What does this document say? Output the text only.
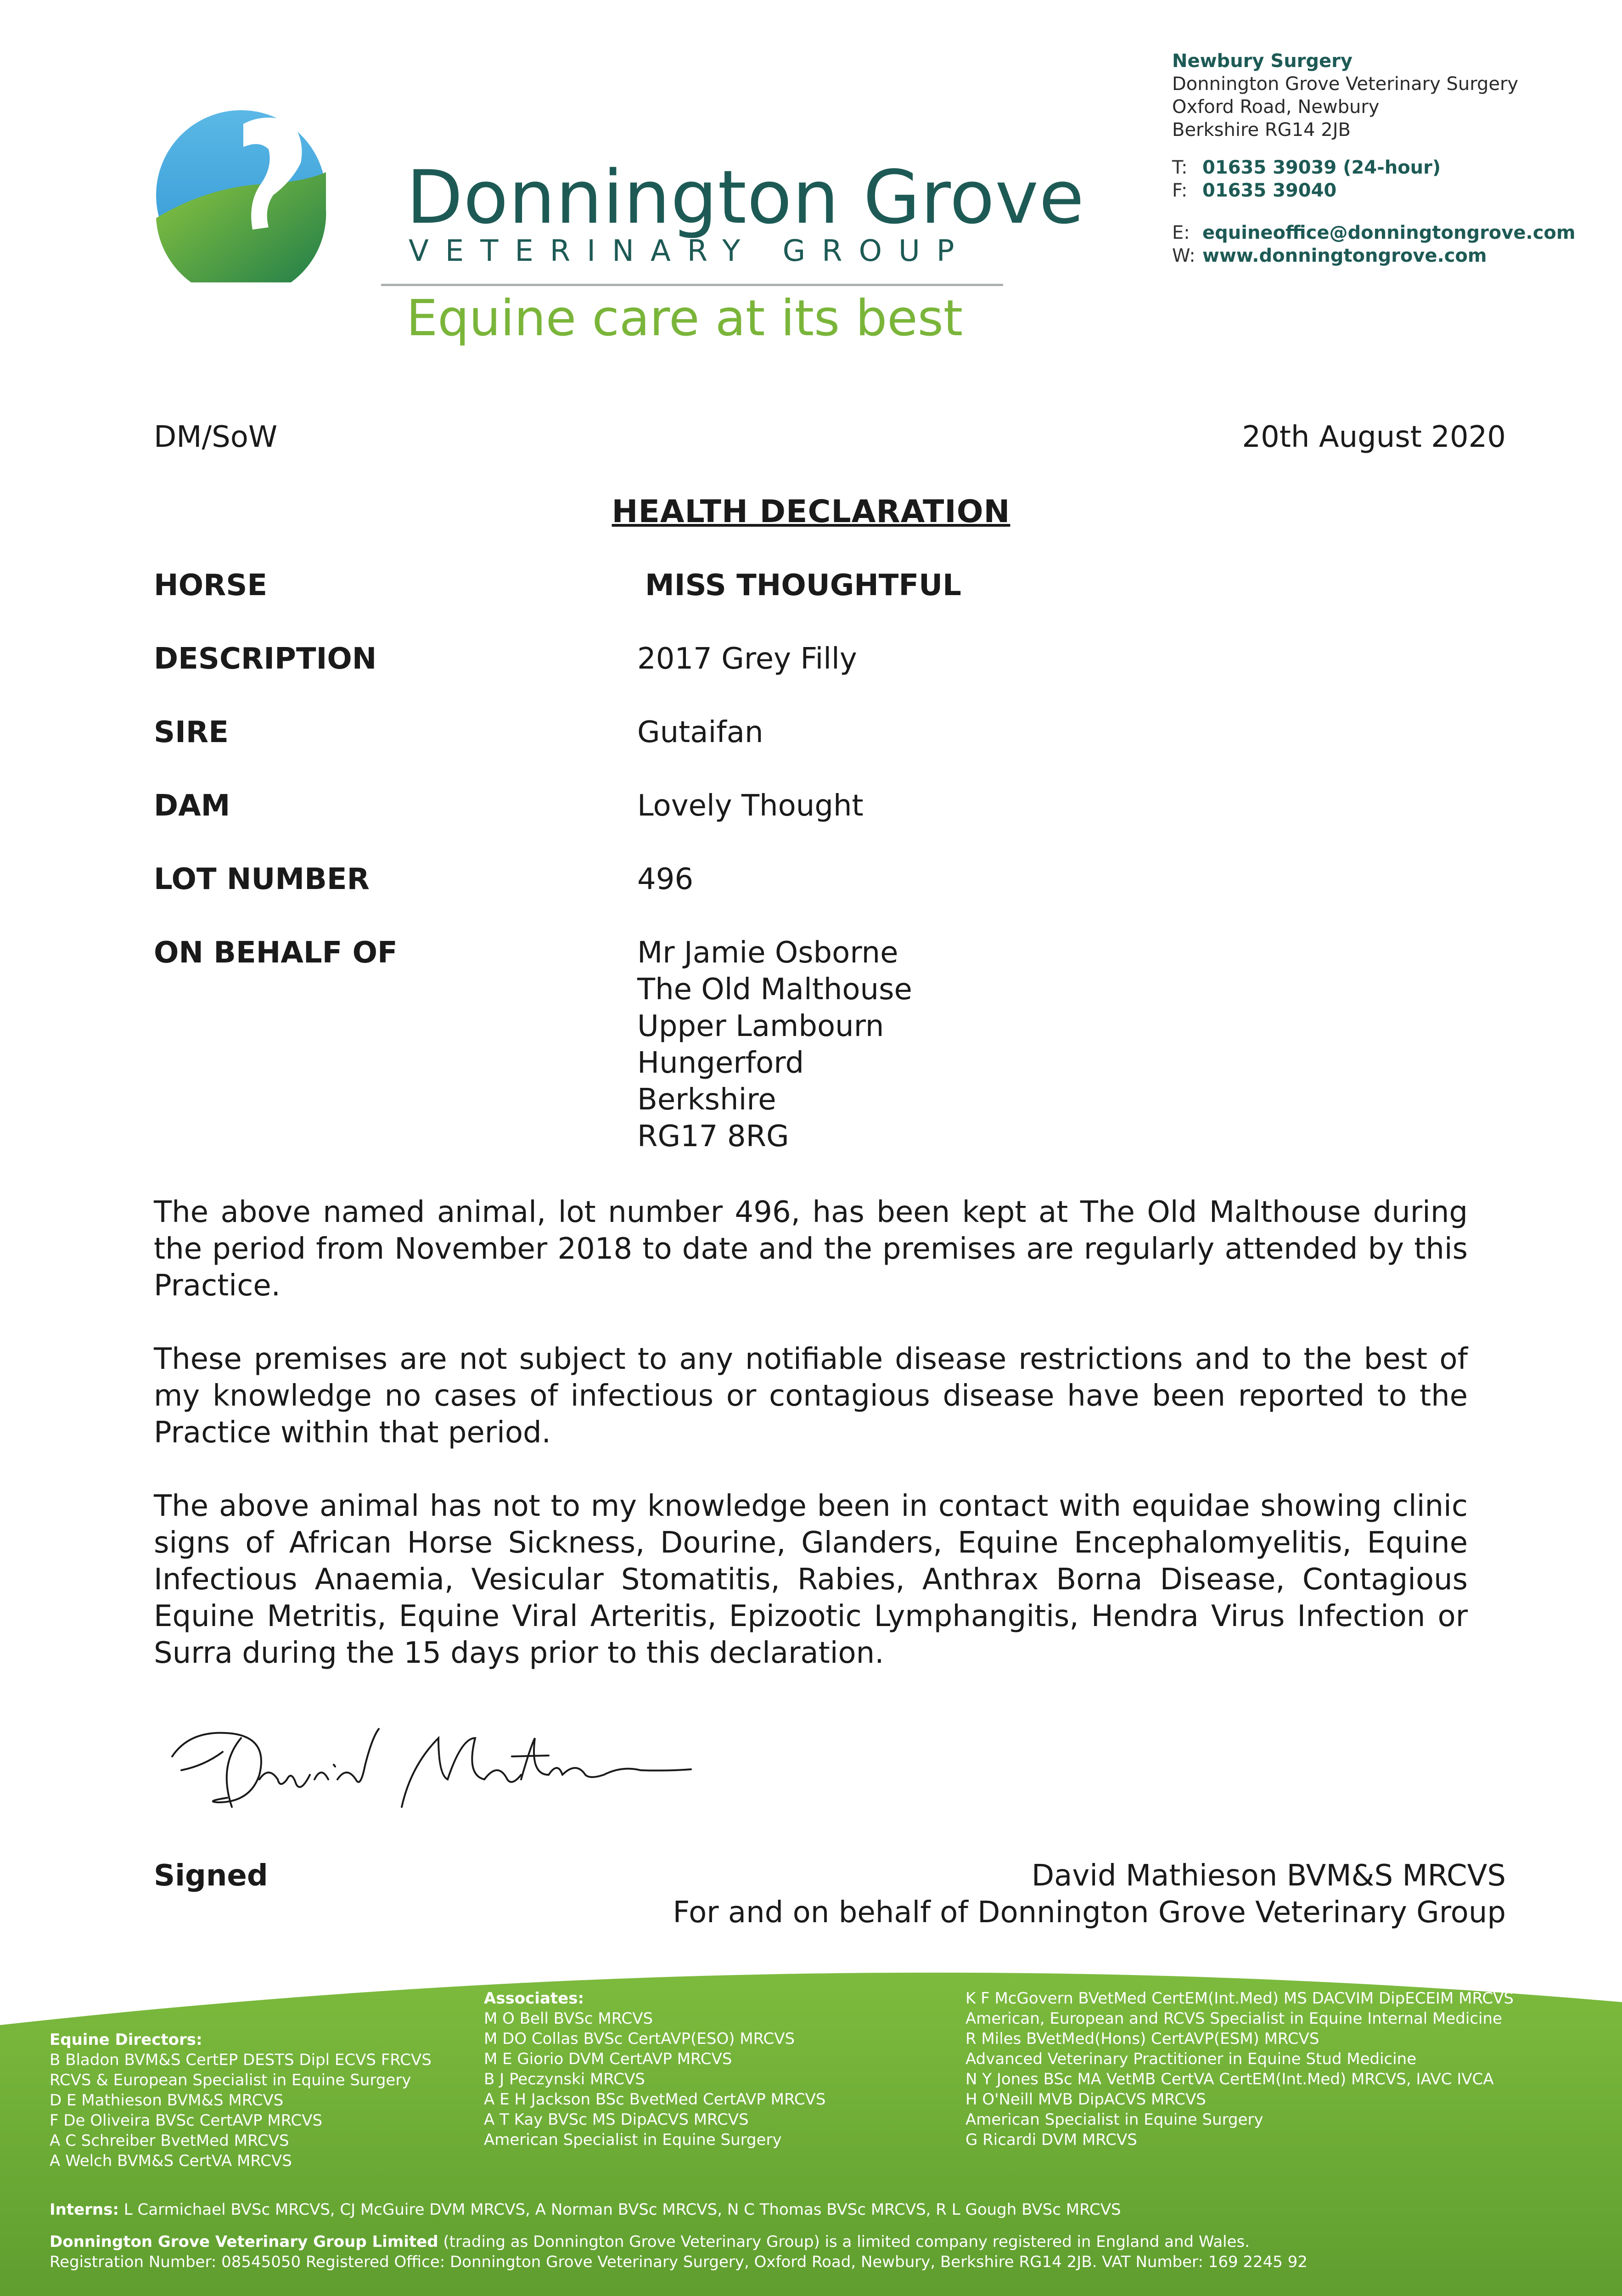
Donnington Grove
VETERINARY GROUP
Equine care at its best
Newbury Surgery
Donnington Grove Veterinary Surgery
Oxford Road, Newbury
Berkshire RG14 2JB
T: 01635 39039 (24-hour)
F: 01635 39040
E: equineoffice@donningtongrove.com
W: www.donningtongrove.com
DM/SoW	20th August 2020
HEALTH DECLARATION
HORSE	MISS THOUGHTFUL
DESCRIPTION	2017 Grey Filly
SIRE	Gutaifan
DAM	Lovely Thought
LOT NUMBER	496
ON BEHALF OF	Mr Jamie Osborne
The Old Malthouse
Upper Lambourn
Hungerford
Berkshire
RG17 8RG
The above named animal, lot number 496, has been kept at The Old Malthouse during the period from November 2018 to date and the premises are regularly attended by this Practice.
These premises are not subject to any notifiable disease restrictions and to the best of my knowledge no cases of infectious or contagious disease have been reported to the Practice within that period.
The above animal has not to my knowledge been in contact with equidae showing clinic signs of African Horse Sickness, Dourine, Glanders, Equine Encephalomyelitis, Equine Infectious Anaemia, Vesicular Stomatitis, Rabies, Anthrax Borna Disease, Contagious Equine Metritis, Equine Viral Arteritis, Epizootic Lymphangitis, Hendra Virus Infection or Surra during the 15 days prior to this declaration.
Signed	David Mathieson BVM&S MRCVS
For and on behalf of Donnington Grove Veterinary Group
Equine Directors:
B Bladon BVM&S CertEP DESTS Dipl ECVS FRCVS
RCVS & European Specialist in Equine Surgery
D E Mathieson BVM&S MRCVS
F De Oliveira BVSc CertAVP MRCVS
A C Schreiber BvetMed MRCVS
A Welch BVM&S CertVA MRCVS
Associates:
M O Bell BVSc MRCVS
M DO Collas BVSc CertAVP(ESO) MRCVS
M E Giorio DVM CertAVP MRCVS
B J Peczynski MRCVS
A E H Jackson BSc BvetMed CertAVP MRCVS
A T Kay BVSc MS DipACVS MRCVS
American Specialist in Equine Surgery
K F McGovern BVetMed CertEM(Int.Med) MS DACVIM DipECEIM MRCVS
American, European and RCVS Specialist in Equine Internal Medicine
R Miles BVetMed(Hons) CertAVP(ESM) MRCVS
Advanced Veterinary Practitioner in Equine Stud Medicine
N Y Jones BSc MA VetMB CertVA CertEM(Int.Med) MRCVS, IAVC IVCA
H O'Neill MVB DipACVS MRCVS
American Specialist in Equine Surgery
G Ricardi DVM MRCVS
Interns: L Carmichael BVSc MRCVS, CJ McGuire DVM MRCVS, A Norman BVSc MRCVS, N C Thomas BVSc MRCVS, R L Gough BVSc MRCVS
Donnington Grove Veterinary Group Limited (trading as Donnington Grove Veterinary Group) is a limited company registered in England and Wales.
Registration Number: 08545050 Registered Office: Donnington Grove Veterinary Surgery, Oxford Road, Newbury, Berkshire RG14 2JB. VAT Number: 169 2245 92
